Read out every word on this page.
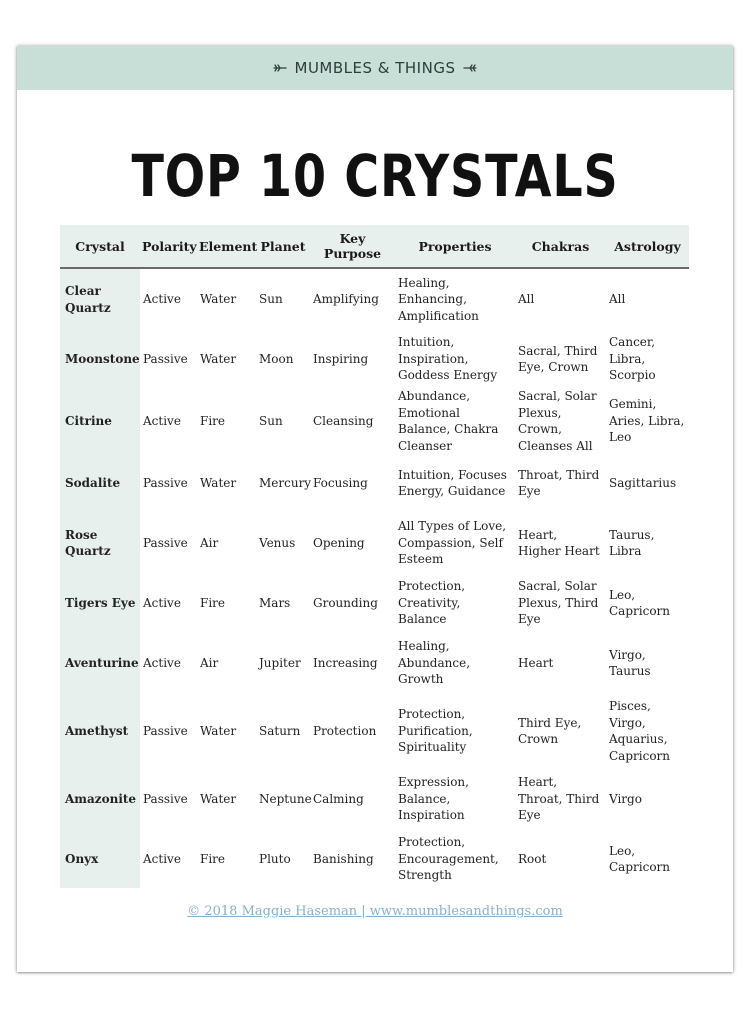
MUMBLES & THINGS
TOP 10 CRYSTALS
Crystal	Polarity	Element	Planet	Key Purpose	Properties	Chakras	Astrology
Clear Quartz	Active	Water	Sun	Amplifying	Healing, Enhancing, Amplification	All	All
Moonstone	Passive	Water	Moon	Inspiring	Intuition, Inspiration, Goddess Energy	Sacral, Third Eye, Crown	Cancer, Libra, Scorpio
Citrine	Active	Fire	Sun	Cleansing	Abundance, Emotional Balance, Chakra Cleanser	Sacral, Solar Plexus, Crown, Cleanses All	Gemini, Aries, Libra, Leo
Sodalite	Passive	Water	Mercury	Focusing	Intuition, Focuses Energy, Guidance	Throat, Third Eye	Sagittarius
Rose Quartz	Passive	Air	Venus	Opening	All Types of Love, Compassion, Self Esteem	Heart, Higher Heart	Taurus, Libra
Tigers Eye	Active	Fire	Mars	Grounding	Protection, Creativity, Balance	Sacral, Solar Plexus, Third Eye	Leo, Capricorn
Aventurine	Active	Air	Jupiter	Increasing	Healing, Abundance, Growth	Heart	Virgo, Taurus
Amethyst	Passive	Water	Saturn	Protection	Protection, Purification, Spirituality	Third Eye, Crown	Pisces, Virgo, Aquarius, Capricorn
Amazonite	Passive	Water	Neptune	Calming	Expression, Balance, Inspiration	Heart, Throat, Third Eye	Virgo
Onyx	Active	Fire	Pluto	Banishing	Protection, Encouragement, Strength	Root	Leo, Capricorn
© 2018 Maggie Haseman | www.mumblesandthings.com
